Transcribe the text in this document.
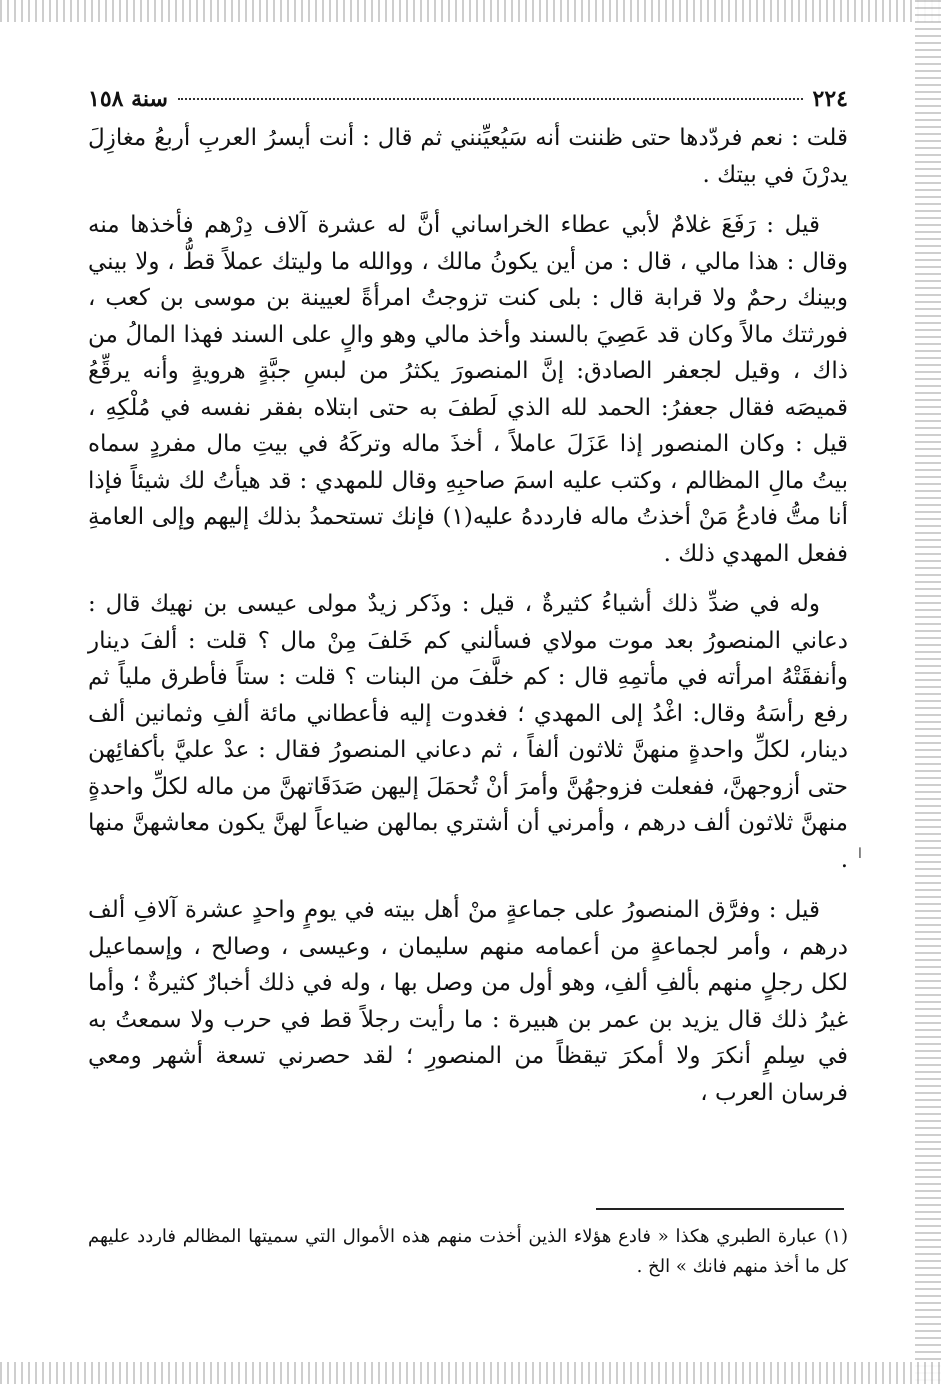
٢٢٤
سنة ١٥٨

قلت : نعم فردّدها حتى ظننت أنه سَيُعيِّنني ثم قال : أنت أيسرُ العربِ أربعُ مغازِلَ يدرْنَ في بيتك .

قيل : رَفَعَ غلامٌ لأبي عطاء الخراساني أنَّ له عشرة آلاف دِرْهم فأخذها منه وقال : هذا مالي ، قال : من أين يكونُ مالك ، ووالله ما وليتك عملاً قطُّ ، ولا بيني وبينك رحمٌ ولا قرابة قال : بلى كنت تزوجتُ امرأةً لعيينة بن موسى بن كعب ، فورثتك مالاً وكان قد عَصِيَ بالسند وأخذ مالي وهو والٍ على السند فهذا المالُ من ذاك ، وقيل لجعفر الصادق: إنَّ المنصورَ يكثرُ من لبسِ جبَّةٍ هرويةٍ وأنه يرقِّعُ قميصَه فقال جعفرُ: الحمد لله الذي لَطفَ به حتى ابتلاه بفقر نفسه في مُلْكِهِ ، قيل : وكان المنصور إذا عَزَلَ عاملاً ، أخذَ ماله وتركَهُ في بيتِ مال مفردٍ سماه بيتُ مالِ المظالم ، وكتب عليه اسمَ صاحبِهِ وقال للمهدي : قد هيأتُ لك شيئاً فإذا أنا متُّ فادعُ مَنْ أخذتُ ماله فارددهُ عليه(١) فإنك تستحمدُ بذلك إليهم وإلى العامةِ ففعل المهدي ذلك .

وله في ضدِّ ذلك أشياءُ كثيرةٌ ، قيل : وذَكر زيدٌ مولى عيسى بن نهيك قال : دعاني المنصورُ بعد موت مولاي فسألني كم خَلفَ مِنْ مال ؟ قلت : ألفَ دينار وأنفقَتْهُ امرأته في مأتمِهِ قال : كم خلَّفَ من البنات ؟ قلت : ستاً فأطرق ملياً ثم رفع رأسَهُ وقال: اغْدُ إلى المهدي ؛ فغدوت إليه فأعطاني مائة ألفِ وثمانين ألف دينار، لكلِّ واحدةٍ منهنَّ ثلاثون ألفاً ، ثم دعاني المنصورُ فقال : عدْ عليَّ بأكفائِهن حتى أزوجهنَّ، ففعلت فزوجهُنَّ وأمرَ أنْ تُحمَلَ إليهن صَدَقَاتهنَّ من ماله لكلِّ واحدةٍ منهنَّ ثلاثون ألف درهم ، وأمرني أن أشتري بمالهن ضياعاً لهنَّ يكون معاشهنَّ منها .

قيل : وفرَّق المنصورُ على جماعةٍ منْ أهل بيته في يومٍ واحدٍ عشرة آلافِ ألف درهم ، وأمر لجماعةٍ من أعمامه منهم سليمان ، وعيسى ، وصالح ، وإسماعيل لكل رجلٍ منهم بألفِ ألفِ، وهو أول من وصل بها ، وله في ذلك أخبارٌ كثيرةٌ ؛ وأما غيرُ ذلك قال يزيد بن عمر بن هبيرة : ما رأيت رجلاً قط في حرب ولا سمعتُ به في سِلمٍ أنكرَ ولا أمكرَ تيقظاً من المنصورِ ؛ لقد حصرني تسعة أشهر ومعي فرسان العرب ،

ا

(١) عبارة الطبري هكذا « فادع هؤلاء الذين أخذت منهم هذه الأموال التي سميتها المظالم فاردد عليهم كل ما أخذ منهم فانك » الخ .
